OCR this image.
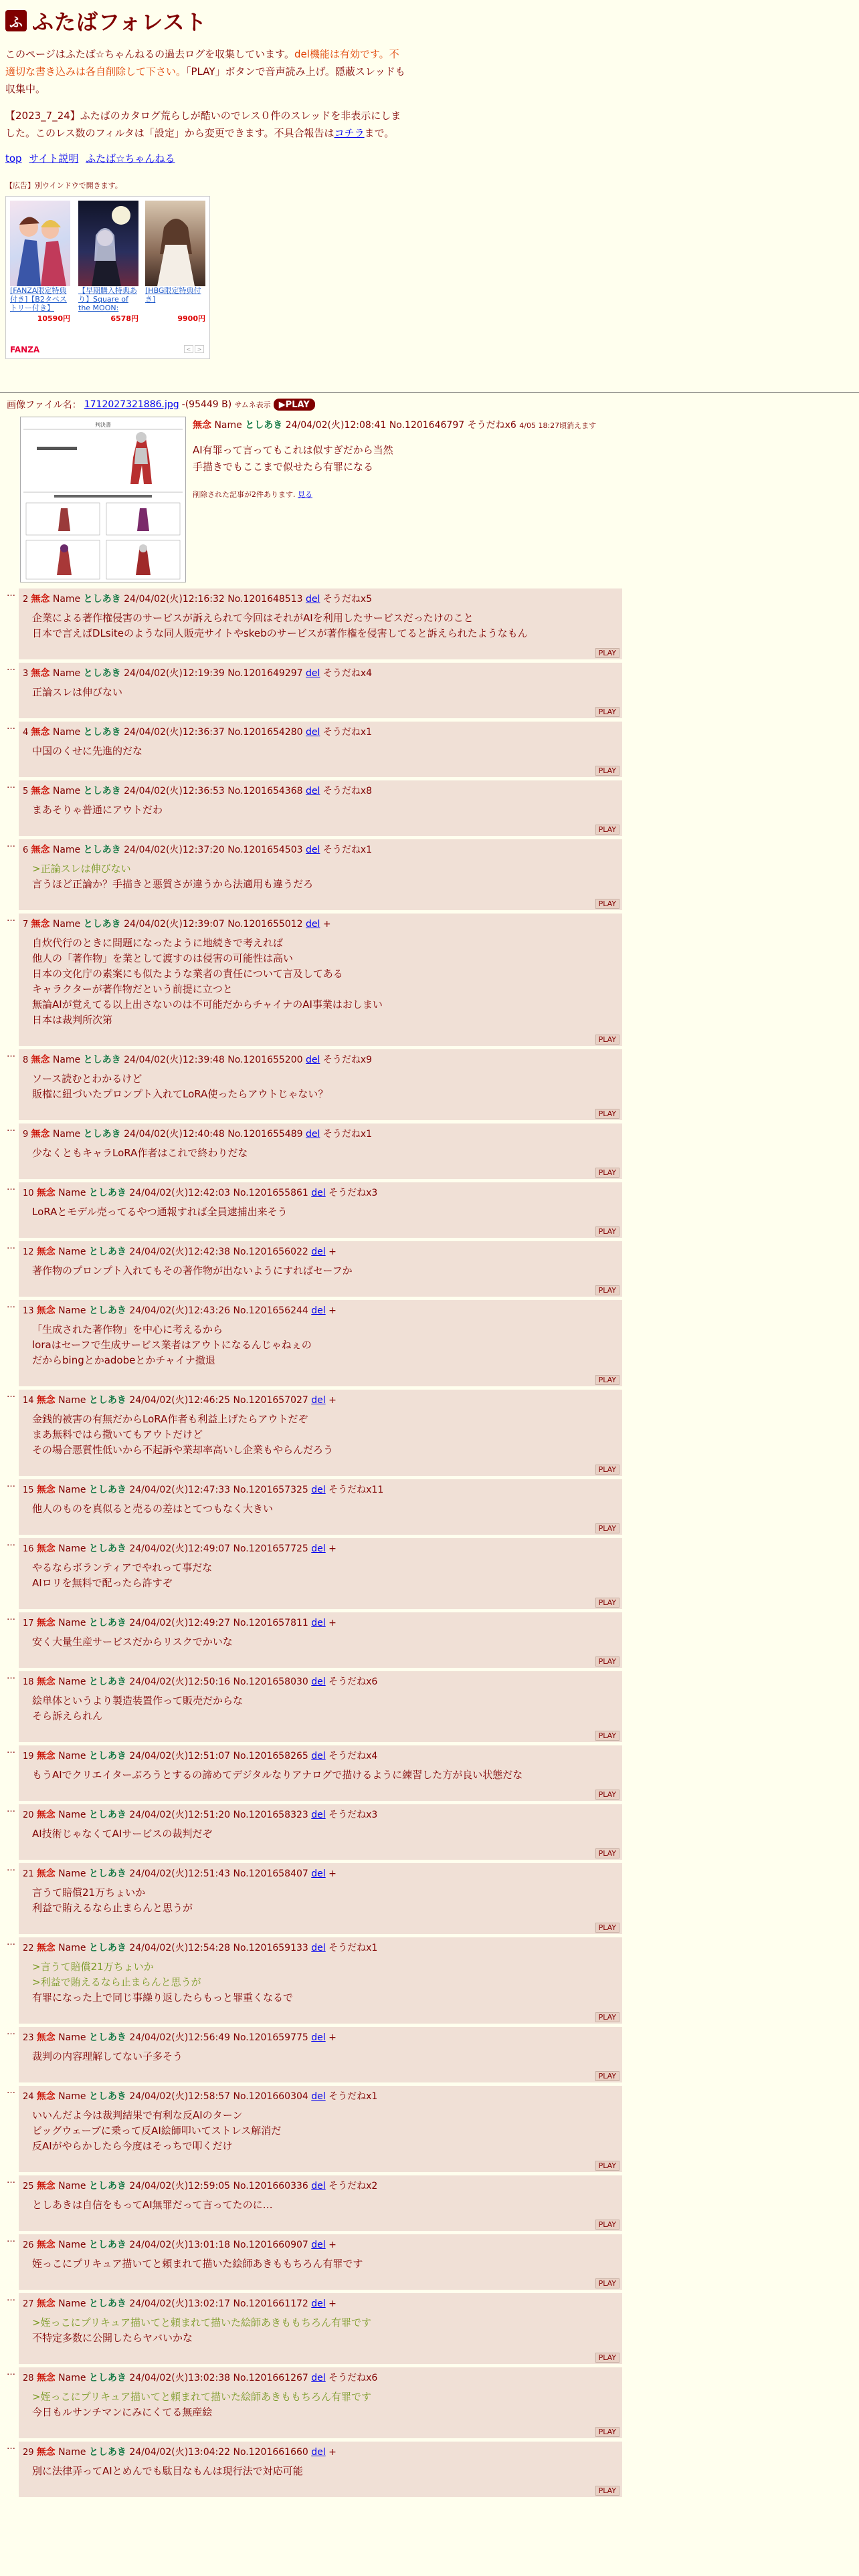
ふ ふたばフォレスト
このページはふたば☆ちゃんねるの過去ログを収集しています。del機能は有効です。不適切な書き込みは各自削除して下さい。「PLAY」ボタンで音声読み上げ。隠蔽スレッドも収集中。
【2023_7_24】ふたばのカタログ荒らしが酷いのでレス０件のスレッドを非表示にしました。このレス数のフィルタは「設定」から変更できます。不具合報告はコチラまで。
top サイト説明 ふたば☆ちゃんねる
【広告】別ウインドウで開きます。
[FANZA限定特典付き]【B2タペストリー付き】
【早期購入特典あり】Square of the MOON:
[HBG限定特典付き]
10590円	6578円	9900円
FANZA	<	>
画像ファイル名： 1712027321886.jpg -(95449 B) サムネ表示 ▶PLAY
判決書	無念 Name としあき 24/04/02(火)12:08:41 No.1201646797 そうだねx6 4/05 18:27頃消えます
AI有罪って言ってもこれは似すぎだから当然
手描きでもここまで似せたら有罪になる
削除された記事が2件あります. 見る
…
2 無念 Name としあき 24/04/02(火)12:16:32 No.1201648513 del そうだねx5
企業による著作権侵害のサービスが訴えられて今回はそれがAIを利用したサービスだったけのこと
日本で言えばDLsiteのような同人販売サイトやskebのサービスが著作権を侵害してると訴えられたようなもん
PLAY
…
3 無念 Name としあき 24/04/02(火)12:19:39 No.1201649297 del そうだねx4
正論スレは伸びない
PLAY
…
4 無念 Name としあき 24/04/02(火)12:36:37 No.1201654280 del そうだねx1
中国のくせに先進的だな
PLAY
…
5 無念 Name としあき 24/04/02(火)12:36:53 No.1201654368 del そうだねx8
まあそりゃ普通にアウトだわ
PLAY
…
6 無念 Name としあき 24/04/02(火)12:37:20 No.1201654503 del そうだねx1
>正論スレは伸びない
言うほど正論か？手描きと悪質さが違うから法適用も違うだろ
PLAY
…
7 無念 Name としあき 24/04/02(火)12:39:07 No.1201655012 del +
自炊代行のときに問題になったように地続きで考えれば
他人の「著作物」を業として渡すのは侵害の可能性は高い
日本の文化庁の素案にも似たような業者の責任について言及してある
キャラクターが著作物だという前提に立つと
無論AIが覚えてる以上出さないのは不可能だからチャイナのAI事業はおしまい
日本は裁判所次第
PLAY
…
8 無念 Name としあき 24/04/02(火)12:39:48 No.1201655200 del そうだねx9
ソース読むとわかるけど
販権に紐づいたプロンプト入れてLoRA使ったらアウトじゃない？
PLAY
…
9 無念 Name としあき 24/04/02(火)12:40:48 No.1201655489 del そうだねx1
少なくともキャラLoRA作者はこれで終わりだな
PLAY
…
10 無念 Name としあき 24/04/02(火)12:42:03 No.1201655861 del そうだねx3
LoRAとモデル売ってるやつ通報すれば全員逮捕出来そう
PLAY
…
12 無念 Name としあき 24/04/02(火)12:42:38 No.1201656022 del +
著作物のプロンプト入れてもその著作物が出ないようにすればセーフか
PLAY
…
13 無念 Name としあき 24/04/02(火)12:43:26 No.1201656244 del +
「生成された著作物」を中心に考えるから
loraはセーフで生成サービス業者はアウトになるんじゃねぇの
だからbingとかadobeとかチャイナ撤退
PLAY
…
14 無念 Name としあき 24/04/02(火)12:46:25 No.1201657027 del +
金銭的被害の有無だからLoRA作者も利益上げたらアウトだぞ
まあ無料ではら撒いてもアウトだけど
その場合悪質性低いから不起訴や業却率高いし企業もやらんだろう
PLAY
…
15 無念 Name としあき 24/04/02(火)12:47:33 No.1201657325 del そうだねx11
他人のものを真似ると売るの差はとてつもなく大きい
PLAY
…
16 無念 Name としあき 24/04/02(火)12:49:07 No.1201657725 del +
やるならボランティアでやれって事だな
AIロリを無料で配ったら許すぞ
PLAY
…
17 無念 Name としあき 24/04/02(火)12:49:27 No.1201657811 del +
安く大量生産サービスだからリスクでかいな
PLAY
…
18 無念 Name としあき 24/04/02(火)12:50:16 No.1201658030 del そうだねx6
絵単体というより製造装置作って販売だからな
そら訴えられん
PLAY
…
19 無念 Name としあき 24/04/02(火)12:51:07 No.1201658265 del そうだねx4
もうAIでクリエイターぶろうとするの諦めてデジタルなりアナログで描けるように練習した方が良い状態だな
PLAY
…
20 無念 Name としあき 24/04/02(火)12:51:20 No.1201658323 del そうだねx3
AI技術じゃなくてAIサービスの裁判だぞ
PLAY
…
21 無念 Name としあき 24/04/02(火)12:51:43 No.1201658407 del +
言うて賠償21万ちょいか
利益で賄えるなら止まらんと思うが
PLAY
…
22 無念 Name としあき 24/04/02(火)12:54:28 No.1201659133 del そうだねx1
>言うて賠償21万ちょいか
>利益で賄えるなら止まらんと思うが
有罪になった上で同じ事繰り返したらもっと罪重くなるで
PLAY
…
23 無念 Name としあき 24/04/02(火)12:56:49 No.1201659775 del +
裁判の内容理解してない子多そう
PLAY
…
24 無念 Name としあき 24/04/02(火)12:58:57 No.1201660304 del そうだねx1
いいんだよ今は裁判結果で有利な反AIのターン
ビッグウェーブに乗って反AI絵師叩いてストレス解消だ
反AIがやらかしたら今度はそっちで叩くだけ
PLAY
…
25 無念 Name としあき 24/04/02(火)12:59:05 No.1201660336 del そうだねx2
としあきは自信をもってAI無罪だって言ってたのに…
PLAY
…
26 無念 Name としあき 24/04/02(火)13:01:18 No.1201660907 del +
姪っこにプリキュア描いてと頼まれて描いた絵師あきももちろん有罪です
PLAY
…
27 無念 Name としあき 24/04/02(火)13:02:17 No.1201661172 del +
>姪っこにプリキュア描いてと頼まれて描いた絵師あきももちろん有罪です
不特定多数に公開したらヤバいかな
PLAY
…
28 無念 Name としあき 24/04/02(火)13:02:38 No.1201661267 del そうだねx6
>姪っこにプリキュア描いてと頼まれて描いた絵師あきももちろん有罪です
今日もルサンチマンにみにくてる無産絵
PLAY
…
29 無念 Name としあき 24/04/02(火)13:04:22 No.1201661660 del +
別に法律弄ってAIとめんでも駄目なもんは現行法で対応可能
PLAY
